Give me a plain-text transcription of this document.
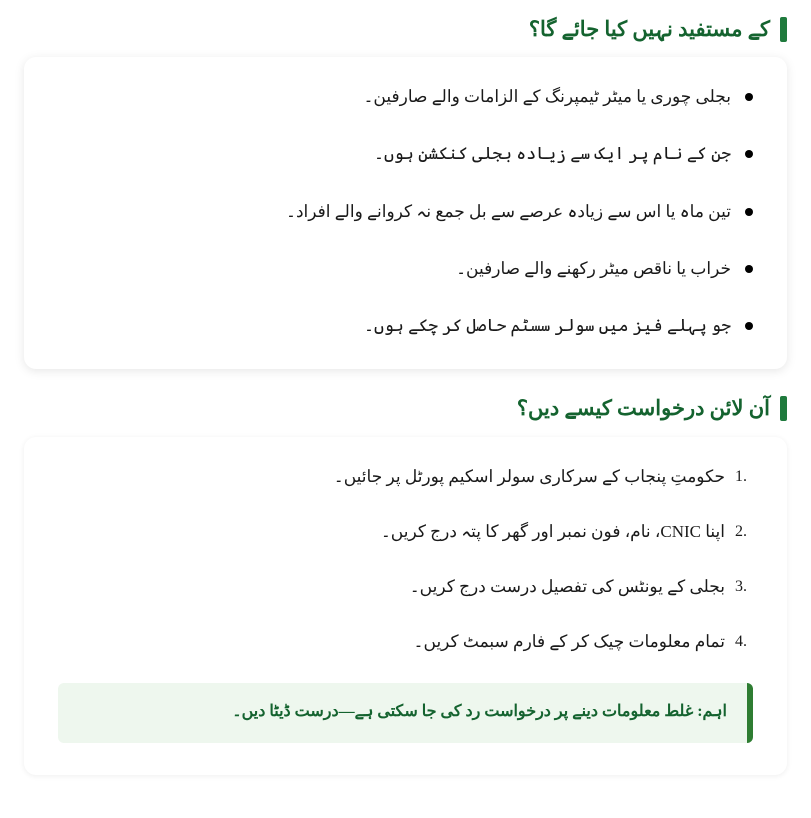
کے مستفید نہیں کیا جائے گا؟
بجلی چوری یا میٹر ٹیمپرنگ کے الزامات والے صارفین۔
جن کے نام پر ایک سے زیادہ بجلی کنکشن ہوں۔
تین ماہ یا اس سے زیادہ عرصے سے بل جمع نہ کروانے والے افراد۔
خراب یا ناقص میٹر رکھنے والے صارفین۔
جو پہلے فیز میں سولر سسٹم حاصل کر چکے ہوں۔
آن لائن درخواست کیسے دیں؟
1.
حکومتِ پنجاب کے سرکاری سولر اسکیم پورٹل پر جائیں۔
2.
اپنا CNIC، نام، فون نمبر اور گھر کا پتہ درج کریں۔
3.
بجلی کے یونٹس کی تفصیل درست درج کریں۔
4.
تمام معلومات چیک کر کے فارم سبمٹ کریں۔
اہم: غلط معلومات دینے پر درخواست رد کی جا سکتی ہے—درست ڈیٹا دیں۔
